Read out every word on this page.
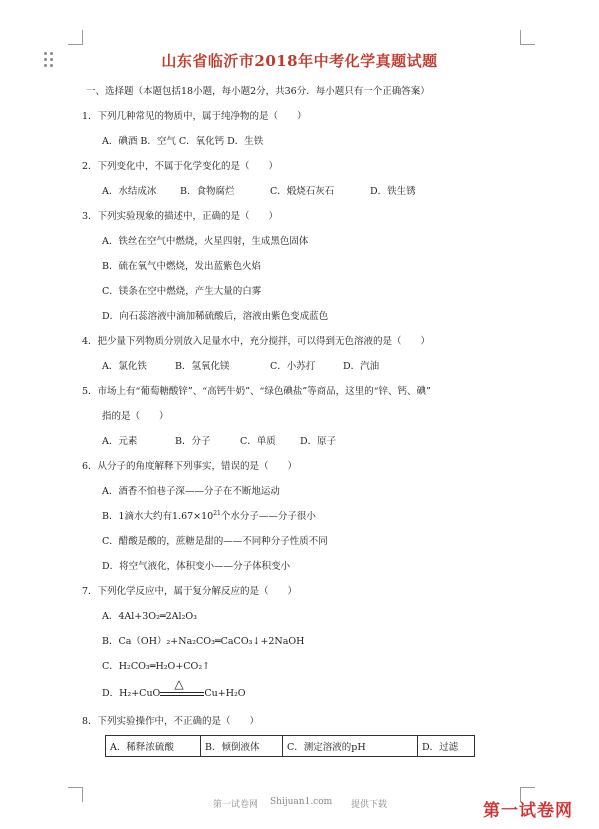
山东省临沂市2018年中考化学真题试题
一、选择题（本题包括18小题，每小题2分，共36分．每小题只有一个正确答案）
1．下列几种常见的物质中，属于纯净物的是（　　）
A．碘酒 B．空气 C．氧化钙 D．生铁
2．下列变化中，不属于化学变化的是（　　）
A．水结成冰 B．食物腐烂	C．煅烧石灰石	D．铁生锈
3．下列实验现象的描述中，正确的是（　　）
A．铁丝在空气中燃烧，火星四射，生成黑色固体
B．硫在氧气中燃烧，发出蓝紫色火焰
C．镁条在空中燃烧，产生大量的白雾
D．向石蕊溶液中滴加稀硫酸后，溶液由紫色变成蓝色
4．把少量下列物质分别放入足量水中，充分搅拌，可以得到无色溶液的是（　　）
A．氯化铁	B．氢氧化镁	C．小苏打	D．汽油
5．市场上有“葡萄糖酸锌”、“高钙牛奶”、“绿色碘盐”等商品，这里的“锌、钙、碘”
指的是（　　）
A．元素	B．分子	C．单质	D．原子
6．从分子的角度解释下列事实，错误的是（　　）
A．酒香不怕巷子深——分子在不断地运动
B．1滴水大约有$1.67\times 10^{21}$个水分子——分子很小
C．醋酸是酸的，蔗糖是甜的——不同种分子性质不同
D．将空气液化，体积变小——分子体积变小
7．下列化学反应中，属于复分解反应的是（　　）
A．4Al+3O₂═2Al₂O₃
B．Ca（OH）₂+Na₂CO₃═CaCO₃↓+2NaOH
C．H₂CO₃═H₂O+CO₂↑
D．H₂+CuO
△
Cu+H₂O
8．下列实验操作中，不正确的是（　　）
A．稀释浓硫酸	B．倾倒液体	C．测定溶液的pH	D．过滤
第一试卷网 Shijuan1.com 提供下载	第一试卷网
